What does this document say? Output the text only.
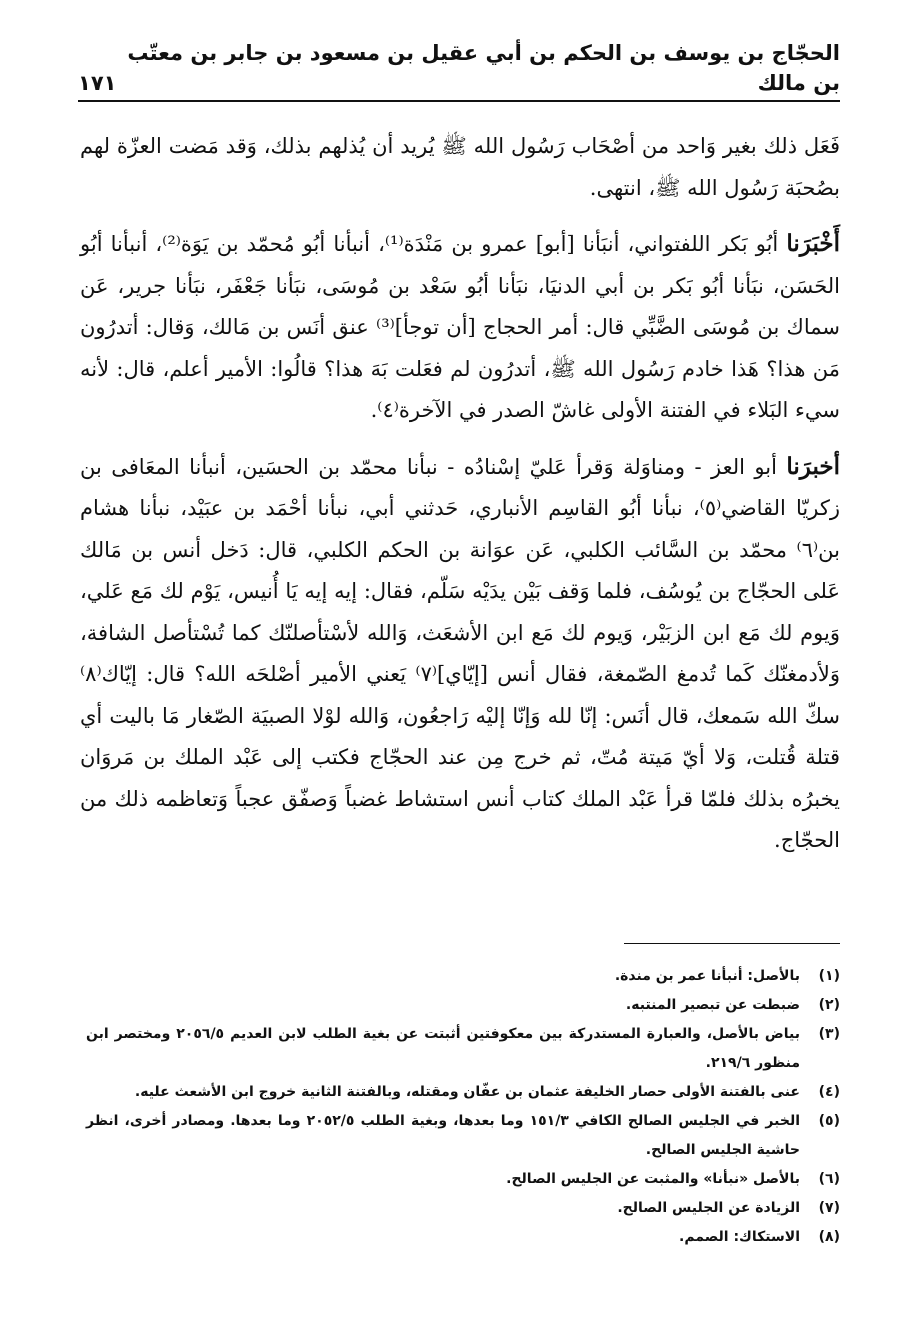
الحجّاج بن يوسف بن الحكم بن أبي عقيل بن مسعود بن جابر بن معتّب بن مالك
١٧١

فَعَل ذلك بغير وَاحد من أصْحَاب رَسُول الله ﷺ يُريد أن يُذلهم بذلك، وَقد مَضت العزّة لهم بصُحبَة رَسُول الله ﷺ، انتهى.

أَخْبَرَنا أبُو بَكر اللفتواني، أنبَأنا [أبو] عمرو بن مَنْدَة⁽¹⁾، أنبأنا أبُو مُحمّد بن يَوَة⁽²⁾، أنبأنا أبُو الحَسَن، نبَأنا أبُو بَكر بن أبي الدنيَا، نبَأنا أبُو سَعْد بن مُوسَى، نبَأنا جَعْفَر، نبَأنا جرير، عَن سماك بن مُوسَى الضَّبِّي قال: أمر الحجاج [أن توجأ]⁽³⁾ عنق أنَس بن مَالك، وَقال: أتدرُون مَن هذا؟ هَذا خادم رَسُول الله ﷺ، أتدرُون لم فعَلت بَهَ هذا؟ قالُوا: الأمير أعلم، قال: لأنه سيء البَلاء في الفتنة الأولى غاشّ الصدر في الآخرة⁽٤⁾.

أخبرَنا أبو العز - ومناوَلة وَقرأ عَليّ إسْنادُه - نبأنا محمّد بن الحسَين، أنبأنا المعَافى بن زكريّا القاضي⁽٥⁾، نبأنا أبُو القاسِم الأنباري، حَدثني أبي، نبأنا أحْمَد بن عبَيْد، نبأنا هشام بن⁽٦⁾ محمّد بن السَّائب الكلبي، عَن عوَانة بن الحكم الكلبي، قال: دَخل أنس بن مَالك عَلى الحجّاج بن يُوسُف، فلما وَقف بَيْن يدَيْه سَلّم، فقال: إيه إيه يَا أُنيس، يَوْم لك مَع عَلي، وَيوم لك مَع ابن الزبَيْر، وَيوم لك مَع ابن الأشعَث، وَالله لأسْتأصلنّك كما تُسْتأصل الشافة، وَلأدمغنّك كَما تُدمغ الصّمغة، فقال أنس [إيّاي]⁽٧⁾ يَعني الأمير أصْلحَه الله؟ قال: إيّاك⁽٨⁾ سكّ الله سَمعك، قال أنَس: إنّا لله وَإنّا إليْه رَاجعُون، وَالله لوْلا الصبيَة الصّغار مَا باليت أي قتلة قُتلت، وَلا أيّ مَيتة مُتّ، ثم خرج مِن عند الحجّاج فكتب إلى عَبْد الملك بن مَروَان يخبرُه بذلك فلمّا قرأ عَبْد الملك كتاب أنس استشاط غضباً وَصفّق عجباً وَتعاظمه ذلك من الحجّاج.

(١)
بالأصل: أنبأنا عمر بن مندة.
(٢)
ضبطت عن تبصير المنتبه.
(٣)
بياض بالأصل، والعبارة المستدركة بين معكوفتين أثبتت عن بغية الطلب لابن العديم ٢٠٥٦/٥ ومختصر ابن منظور ٢١٩/٦.
(٤)
عنى بالفتنة الأولى حصار الخليفة عثمان بن عفّان ومقتله، وبالفتنة الثانية خروج ابن الأشعث عليه.
(٥)
الخبر في الجليس الصالح الكافي ١٥١/٣ وما بعدها، وبغية الطلب ٢٠٥٢/٥ وما بعدها. ومصادر أخرى، انظر حاشية الجليس الصالح.
(٦)
بالأصل «نبأنا» والمثبت عن الجليس الصالح.
(٧)
الزيادة عن الجليس الصالح.
(٨)
الاستكاك: الصمم.
